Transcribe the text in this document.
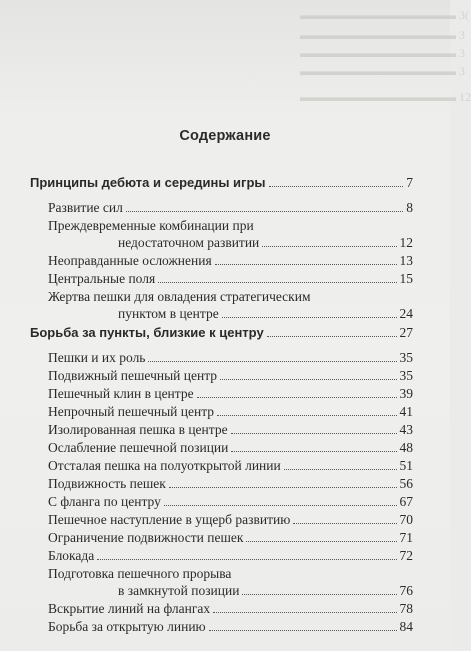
▬▬▬▬▬▬▬▬▬▬▬▬▬ 3(
▬▬▬▬▬▬▬▬▬▬▬▬▬ 3
▬▬▬▬▬▬▬▬▬▬▬▬▬ 3
▬▬▬▬▬▬▬▬▬▬▬▬▬ 3
▬▬▬▬▬▬▬▬▬▬▬▬▬ 12
Содержание
Принципы дебюта и середины игры	7
Развитие сил	8
Преждевременные комбинации при
недостаточном развитии	12
Неоправданные осложнения	13
Центральные поля	15
Жертва пешки для овладения стратегическим
пунктом в центре	24
Борьба за пункты, близкие к центру	27
Пешки и их роль	35
Подвижный пешечный центр	35
Пешечный клин в центре	39
Непрочный пешечный центр	41
Изолированная пешка в центре	43
Ослабление пешечной позиции	48
Отсталая пешка на полуоткрытой линии	51
Подвижность пешек	56
С фланга по центру	67
Пешечное наступление в ущерб развитию	70
Ограничение подвижности пешек	71
Блокада	72
Подготовка пешечного прорыва
в замкнутой позиции	76
Вскрытие линий на флангах	78
Борьба за открытую линию	84
